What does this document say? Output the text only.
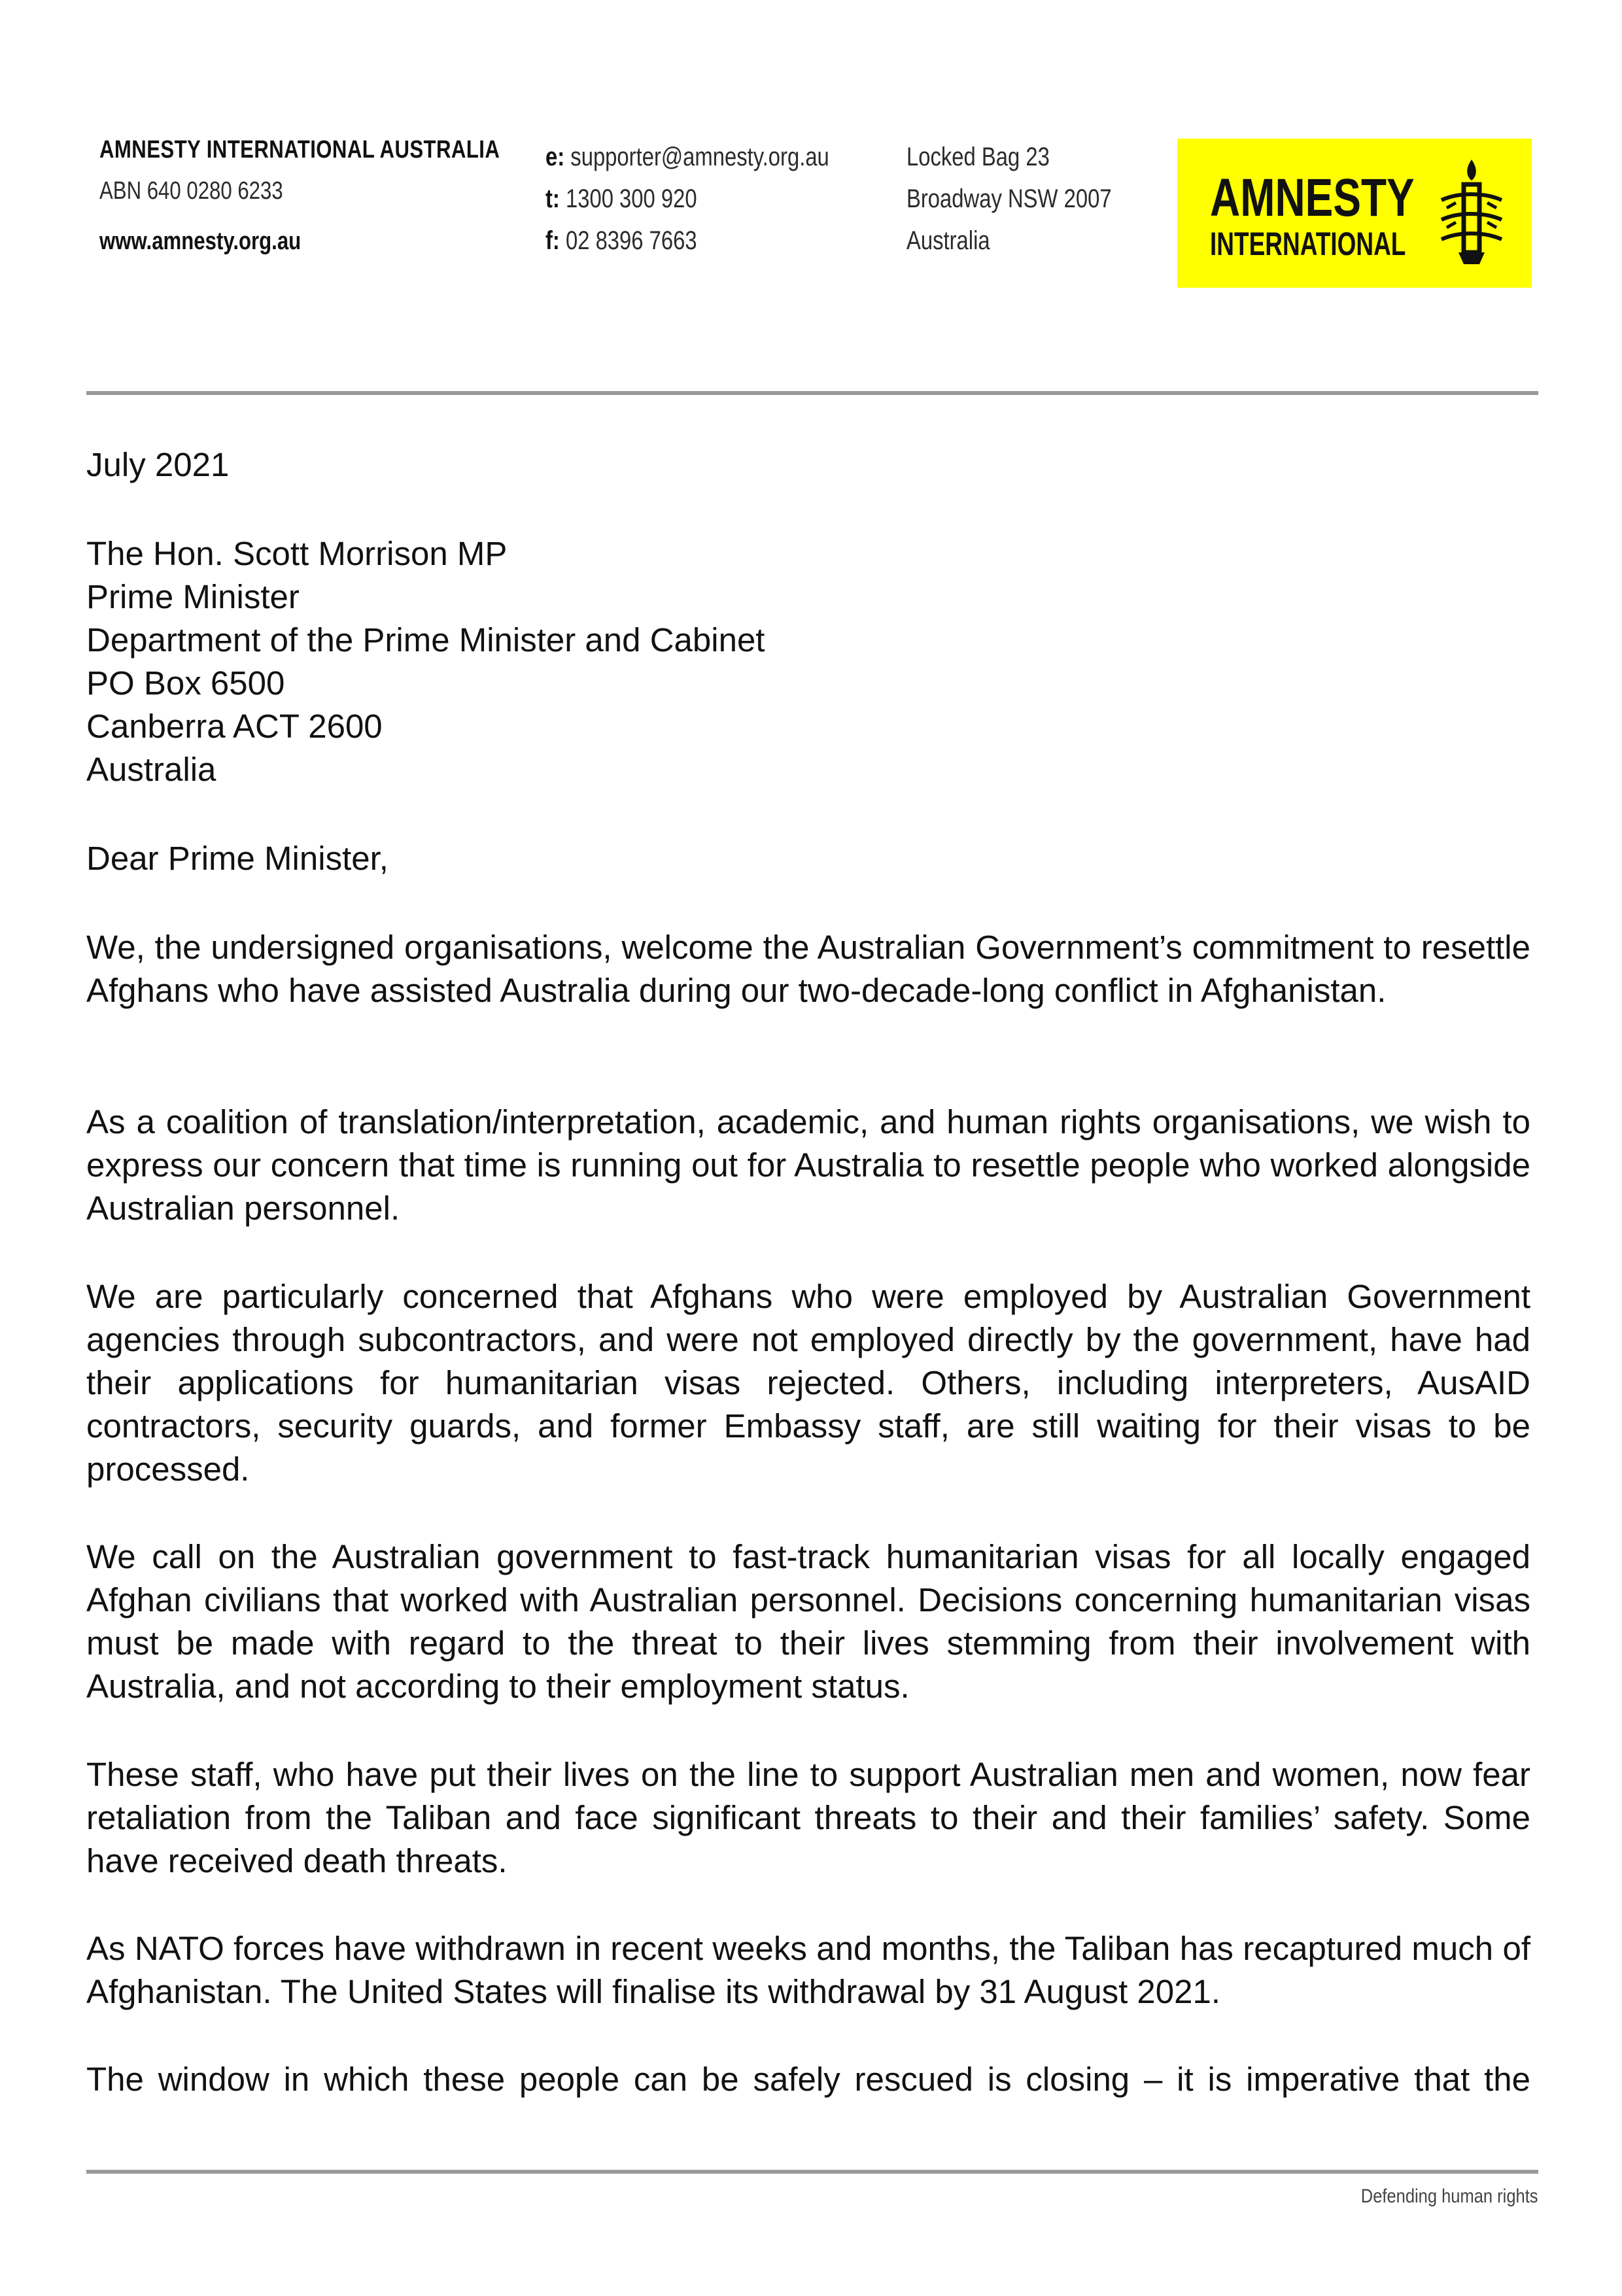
AMNESTY INTERNATIONAL AUSTRALIA
ABN 640 0280 6233
www.amnesty.org.au
e: supporter@amnesty.org.au
t: 1300 300 920
f: 02 8396 7663
Locked Bag 23
Broadway NSW 2007
Australia
AMNESTY
INTERNATIONAL

July 2021

The Hon. Scott Morrison MP

Prime Minister

Department of the Prime Minister and Cabinet

PO Box 6500

Canberra ACT 2600

Australia

Dear Prime Minister,

We, the undersigned organisations, welcome the Australian Government’s commitment to resettle Afghans who have assisted Australia during our two-decade-long conflict in Afghanistan.

As a coalition of translation/interpretation, academic, and human rights organisations, we wish to express our concern that time is running out for Australia to resettle people who worked alongside Australian personnel.

We are particularly concerned that Afghans who were employed by Australian Government agencies through subcontractors, and were not employed directly by the government, have had their applications for humanitarian visas rejected. Others, including interpreters, AusAID contractors, security guards, and former Embassy staff, are still waiting for their visas to be processed.

We call on the Australian government to fast-track humanitarian visas for all locally engaged Afghan civilians that worked with Australian personnel. Decisions concerning humanitarian visas must be made with regard to the threat to their lives stemming from their involvement with Australia, and not according to their employment status.

These staff, who have put their lives on the line to support Australian men and women, now fear retaliation from the Taliban and face significant threats to their and their families’ safety. Some have received death threats.

As NATO forces have withdrawn in recent weeks and months, the Taliban has recaptured much of Afghanistan. The United States will finalise its withdrawal by 31 August 2021.

The window in which these people can be safely rescued is closing – it is imperative that the

Defending human rights
